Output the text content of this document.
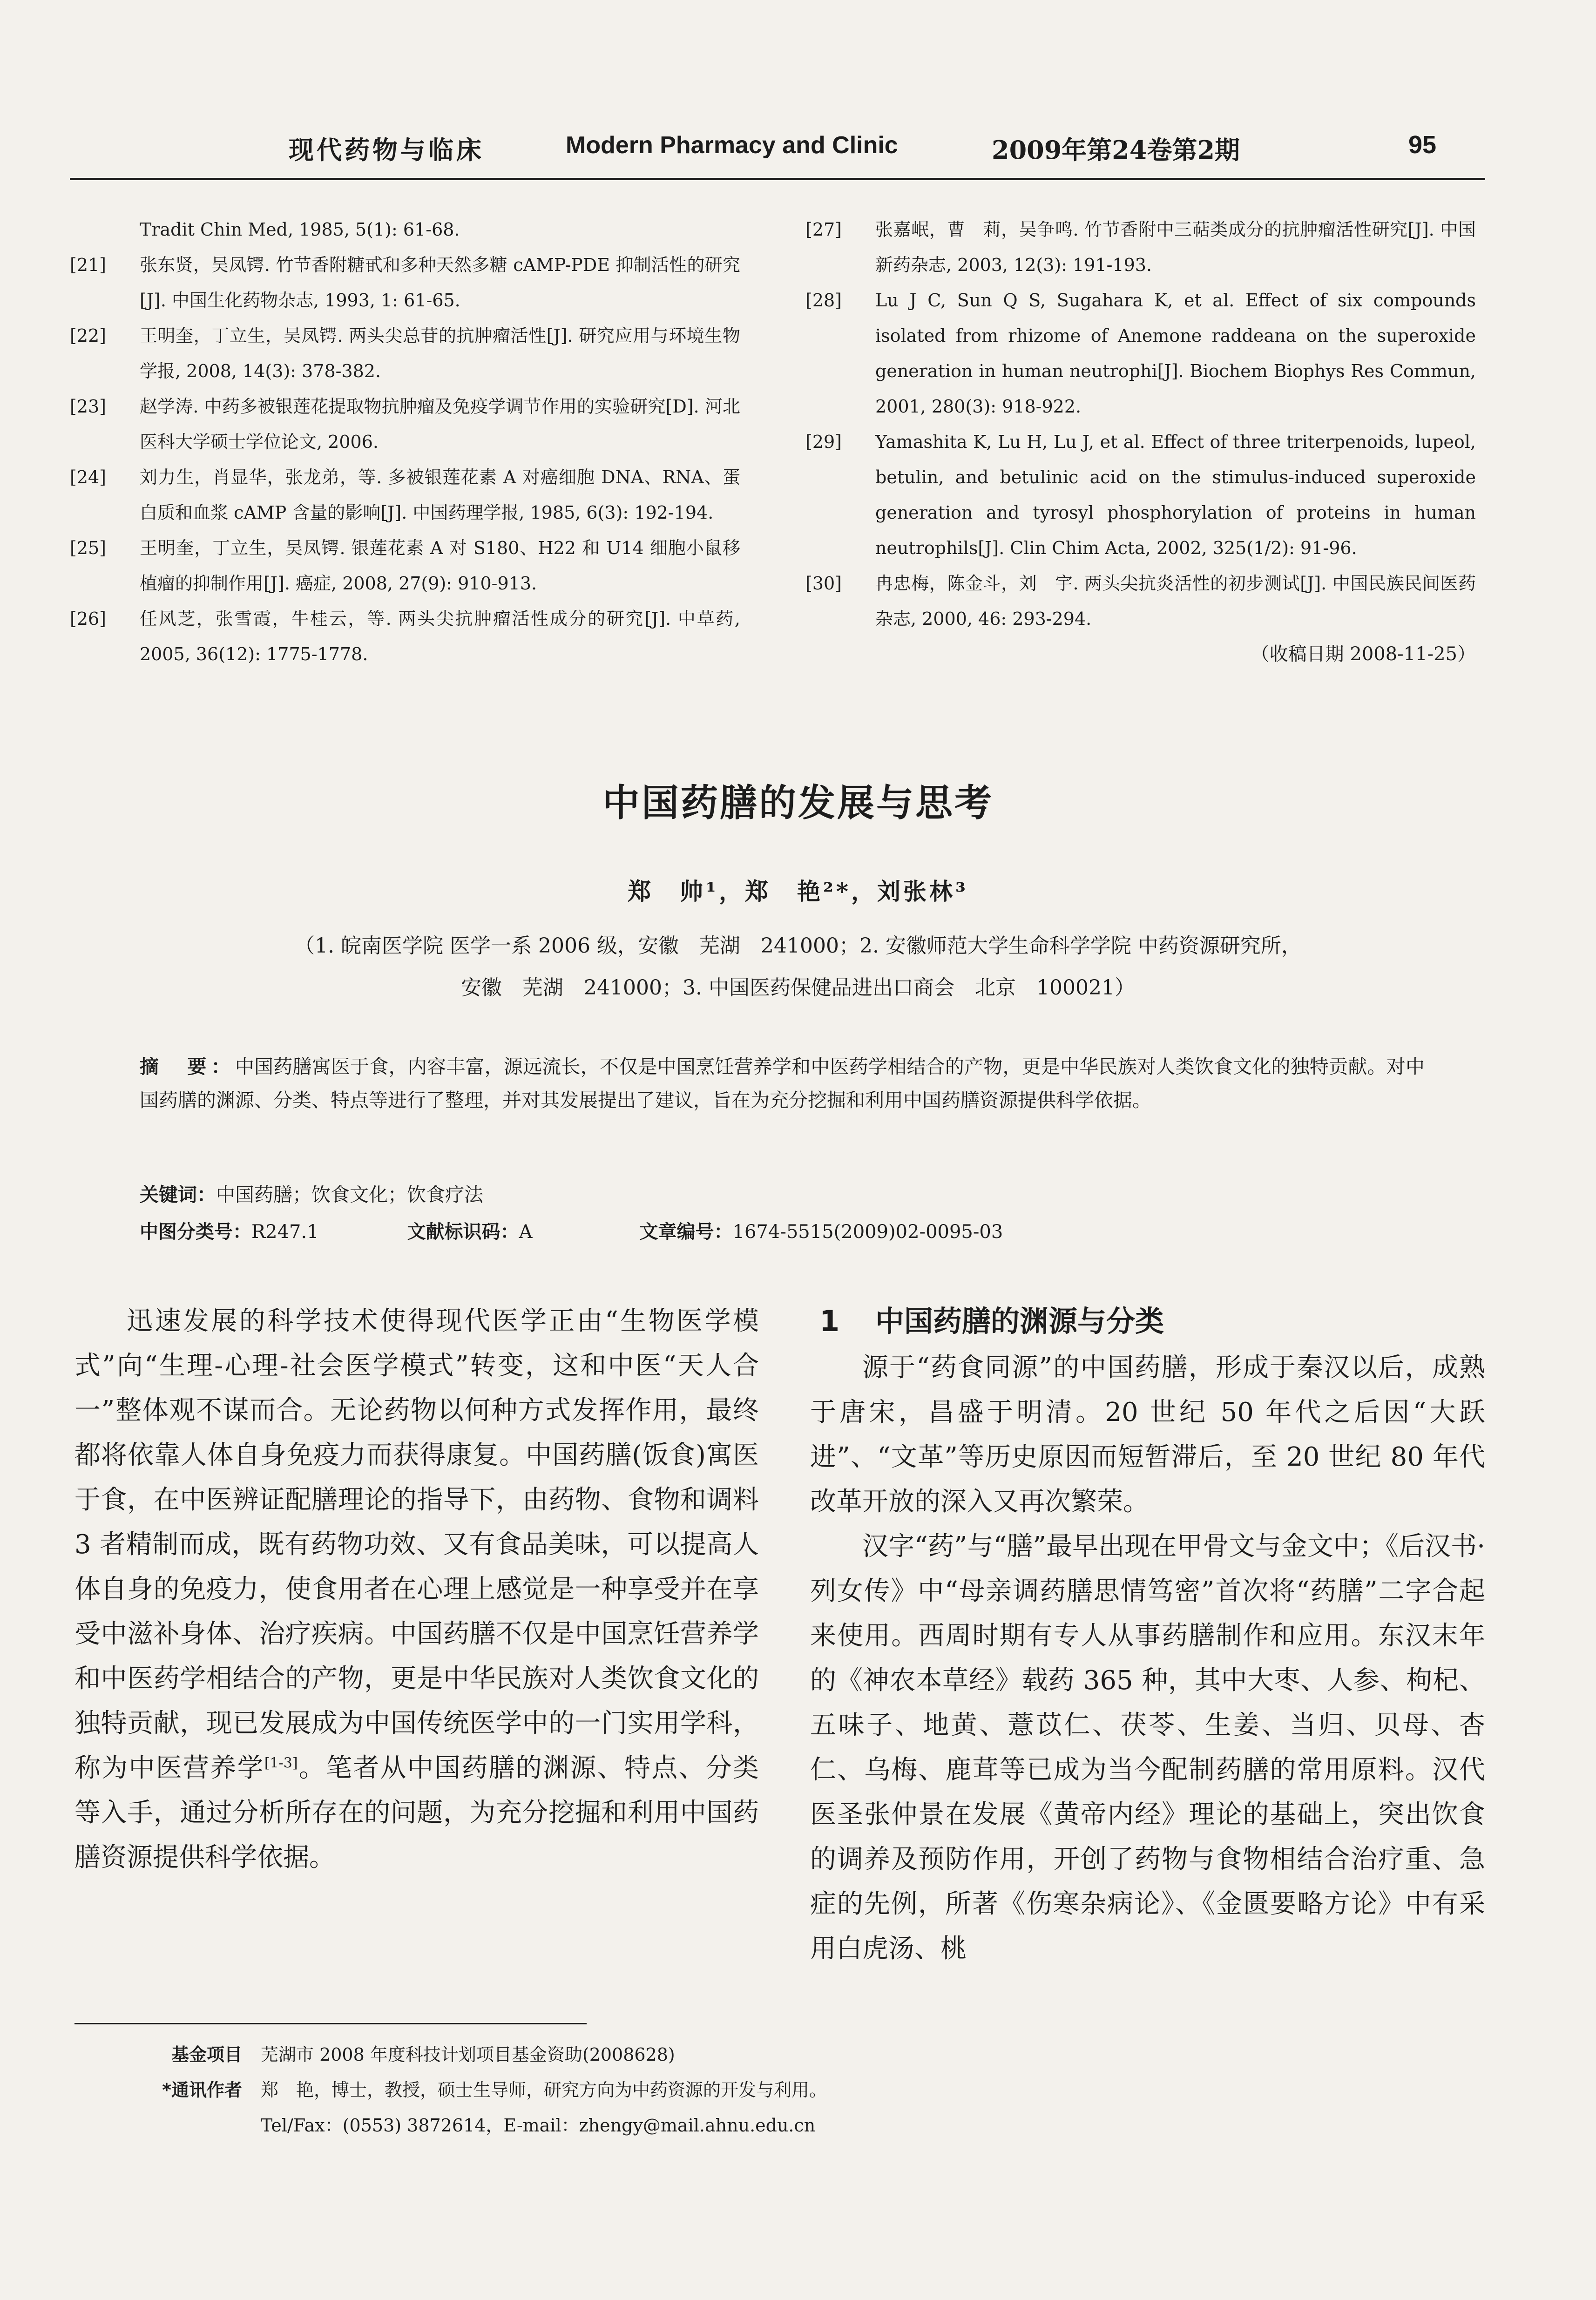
现代药物与临床	Modern Pharmacy and Clinic	2009年第24卷第2期	95
Tradit Chin Med, 1985, 5(1): 61-68.
[21]	张东贤，吴凤锷. 竹节香附糖甙和多种天然多糖 cAMP-PDE 抑制活性的研究[J]. 中国生化药物杂志, 1993, 1: 61-65.
[22]	王明奎，丁立生，吴凤锷. 两头尖总苷的抗肿瘤活性[J]. 研究应用与环境生物学报, 2008, 14(3): 378-382.
[23]	赵学涛. 中药多被银莲花提取物抗肿瘤及免疫学调节作用的实验研究[D]. 河北医科大学硕士学位论文, 2006.
[24]	刘力生，肖显华，张龙弟，等. 多被银莲花素 A 对癌细胞 DNA、RNA、蛋白质和血浆 cAMP 含量的影响[J]. 中国药理学报, 1985, 6(3): 192-194.
[25]	王明奎，丁立生，吴凤锷. 银莲花素 A 对 S180、H22 和 U14 细胞小鼠移植瘤的抑制作用[J]. 癌症, 2008, 27(9): 910-913.
[26]	任风芝，张雪霞，牛桂云，等. 两头尖抗肿瘤活性成分的研究[J]. 中草药, 2005, 36(12): 1775-1778.
[27]	张嘉岷，曹　莉，吴争鸣. 竹节香附中三萜类成分的抗肿瘤活性研究[J]. 中国新药杂志, 2003, 12(3): 191-193.
[28]	Lu J C, Sun Q S, Sugahara K, et al. Effect of six compounds isolated from rhizome of Anemone raddeana on the superoxide generation in human neutrophi[J]. Biochem Biophys Res Commun, 2001, 280(3): 918-922.
[29]	Yamashita K, Lu H, Lu J, et al. Effect of three triterpenoids, lupeol, betulin, and betulinic acid on the stimulus-induced superoxide generation and tyrosyl phosphorylation of proteins in human neutrophils[J]. Clin Chim Acta, 2002, 325(1/2): 91-96.
[30]	冉忠梅，陈金斗，刘　宇. 两头尖抗炎活性的初步测试[J]. 中国民族民间医药杂志, 2000, 46: 293-294.
（收稿日期 2008-11-25）
中国药膳的发展与思考
郑　帅¹，郑　艳²*，刘张林³
（1. 皖南医学院 医学一系 2006 级，安徽　芜湖　241000；2. 安徽师范大学生命科学学院 中药资源研究所，
安徽　芜湖　241000；3. 中国医药保健品进出口商会　北京　100021）
摘　要：中国药膳寓医于食，内容丰富，源远流长，不仅是中国烹饪营养学和中医药学相结合的产物，更是中华民族对人类饮食文化的独特贡献。对中国药膳的渊源、分类、特点等进行了整理，并对其发展提出了建议，旨在为充分挖掘和利用中国药膳资源提供科学依据。
关键词：中国药膳；饮食文化；饮食疗法
中图分类号：R247.1	文献标识码：A	文章编号：1674-5515(2009)02-0095-03

迅速发展的科学技术使得现代医学正由“生物医学模式”向“生理-心理-社会医学模式”转变，这和中医“天人合一”整体观不谋而合。无论药物以何种方式发挥作用，最终都将依靠人体自身免疫力而获得康复。中国药膳(饭食)寓医于食，在中医辨证配膳理论的指导下，由药物、食物和调料 3 者精制而成，既有药物功效、又有食品美味，可以提高人体自身的免疫力，使食用者在心理上感觉是一种享受并在享受中滋补身体、治疗疾病。中国药膳不仅是中国烹饪营养学和中医药学相结合的产物，更是中华民族对人类饮食文化的独特贡献，现已发展成为中国传统医学中的一门实用学科，称为中医营养学[1-3]。笔者从中国药膳的渊源、特点、分类等入手，通过分析所存在的问题，为充分挖掘和利用中国药膳资源提供科学依据。

1 中国药膳的渊源与分类

源于“药食同源”的中国药膳，形成于秦汉以后，成熟于唐宋，昌盛于明清。20 世纪 50 年代之后因“大跃进”、“文革”等历史原因而短暂滞后，至 20 世纪 80 年代改革开放的深入又再次繁荣。

汉字“药”与“膳”最早出现在甲骨文与金文中；《后汉书·列女传》中“母亲调药膳思情笃密”首次将“药膳”二字合起来使用。西周时期有专人从事药膳制作和应用。东汉末年的《神农本草经》载药 365 种，其中大枣、人参、枸杞、五味子、地黄、薏苡仁、茯苓、生姜、当归、贝母、杏仁、乌梅、鹿茸等已成为当今配制药膳的常用原料。汉代医圣张仲景在发展《黄帝内经》理论的基础上，突出饮食的调养及预防作用，开创了药物与食物相结合治疗重、急症的先例，所著《伤寒杂病论》、《金匮要略方论》中有采用白虎汤、桃

基金项目 芜湖市 2008 年度科技计划项目基金资助(2008628)
*通讯作者 郑　艳，博士，教授，硕士生导师，研究方向为中药资源的开发与利用。
Tel/Fax：(0553) 3872614，E-mail：zhengy@mail.ahnu.edu.cn
